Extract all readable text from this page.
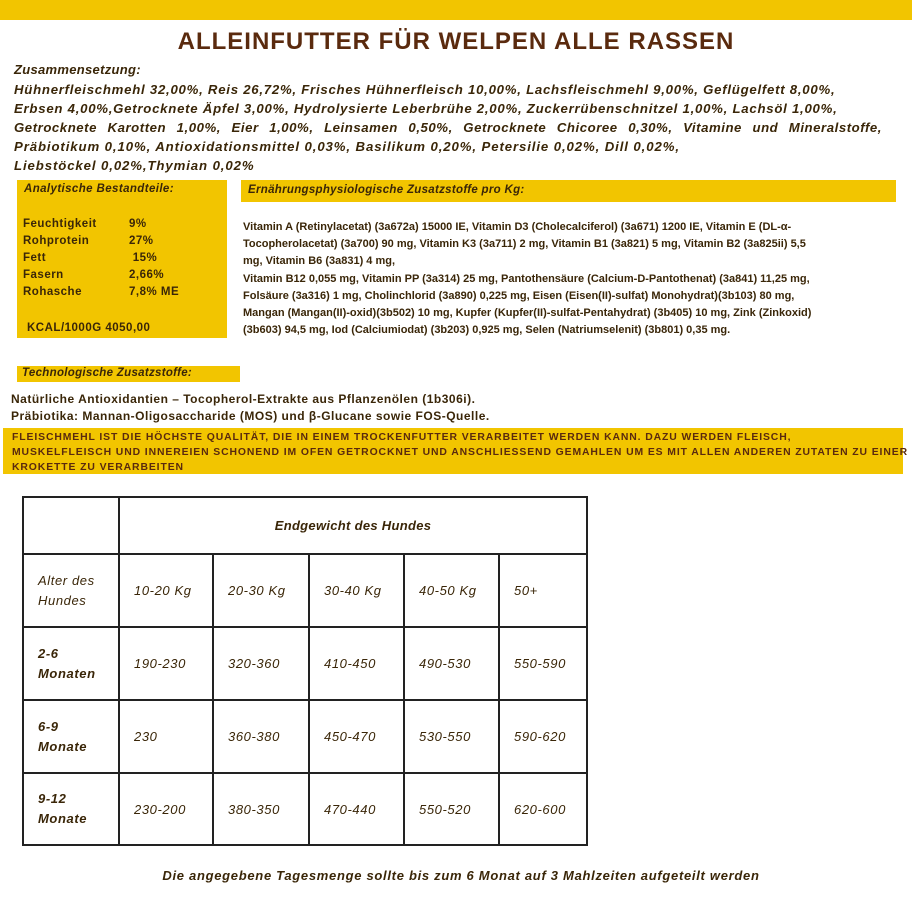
ALLEINFUTTER FÜR WELPEN ALLE RASSEN
Zusammensetzung:
Hühnerfleischmehl 32,00%, Reis 26,72%, Frisches Hühnerfleisch 10,00%, Lachsfleischmehl 9,00%, Geflügelfett 8,00%,
Erbsen 4,00%,Getrocknete Äpfel 3,00%, Hydrolysierte Leberbrühe 2,00%, Zuckerrübenschnitzel 1,00%, Lachsöl 1,00%,
Getrocknete Karotten 1,00%, Eier 1,00%, Leinsamen 0,50%, Getrocknete Chicoree 0,30%, Vitamine und Mineralstoffe,
Präbiotikum 0,10%, Antioxidationsmittel 0,03%, Basilikum 0,20%, Petersilie 0,02%, Dill 0,02%,
Liebstöckel 0,02%,Thymian 0,02%
Analytische Bestandteile:
Feuchtigkeit	9%
Rohprotein	27%
Fett	15%
Fasern	2,66%
Rohasche	7,8% ME
KCAL/1000G 4050,00
Ernährungsphysiologische Zusatzstoffe pro Kg:
Vitamin A (Retinylacetat) (3a672a) 15000 IE, Vitamin D3 (Cholecalciferol) (3a671) 1200 IE, Vitamin E (DL-α-
Tocopherolacetat) (3a700) 90 mg, Vitamin K3 (3a711) 2 mg, Vitamin B1 (3a821) 5 mg, Vitamin B2 (3a825ii) 5,5
mg, Vitamin B6 (3a831) 4 mg,
Vitamin B12 0,055 mg, Vitamin PP (3a314) 25 mg, Pantothensäure (Calcium-D-Pantothenat) (3a841) 11,25 mg,
Folsäure (3a316) 1 mg, Cholinchlorid (3a890) 0,225 mg, Eisen (Eisen(II)-sulfat) Monohydrat)(3b103) 80 mg,
Mangan (Mangan(II)-oxid)(3b502) 10 mg, Kupfer (Kupfer(II)-sulfat-Pentahydrat) (3b405) 10 mg, Zink (Zinkoxid)
(3b603) 94,5 mg, Iod (Calciumiodat) (3b203) 0,925 mg, Selen (Natriumselenit) (3b801) 0,35 mg.
Technologische Zusatzstoffe:
Natürliche Antioxidantien – Tocopherol-Extrakte aus Pflanzenölen (1b306i).
Präbiotika: Mannan-Oligosaccharide (MOS) und β-Glucane sowie FOS-Quelle.
FLEISCHMEHL IST DIE HÖCHSTE QUALITÄT, DIE IN EINEM TROCKENFUTTER VERARBEITET WERDEN KANN. DAZU WERDEN FLEISCH,
MUSKELFLEISCH UND INNEREIEN SCHONEND IM OFEN GETROCKNET UND ANSCHLIESSEND GEMAHLEN UM ES MIT ALLEN ANDEREN ZUTATEN ZU EINER
KROKETTE ZU VERARBEITEN
	Endgewicht des Hundes				

Alter des
Hundes	10-20 Kg	20-30 Kg	30-40 Kg	40-50 Kg	50+

2-6
Monaten	190-230	320-360	410-450	490-530	550-590

6-9
Monate	230	360-380	450-470	530-550	590-620

9-12
Monate	230-200	380-350	470-440	550-520	620-600
Die angegebene Tagesmenge sollte bis zum 6 Monat auf 3 Mahlzeiten aufgeteilt werden
